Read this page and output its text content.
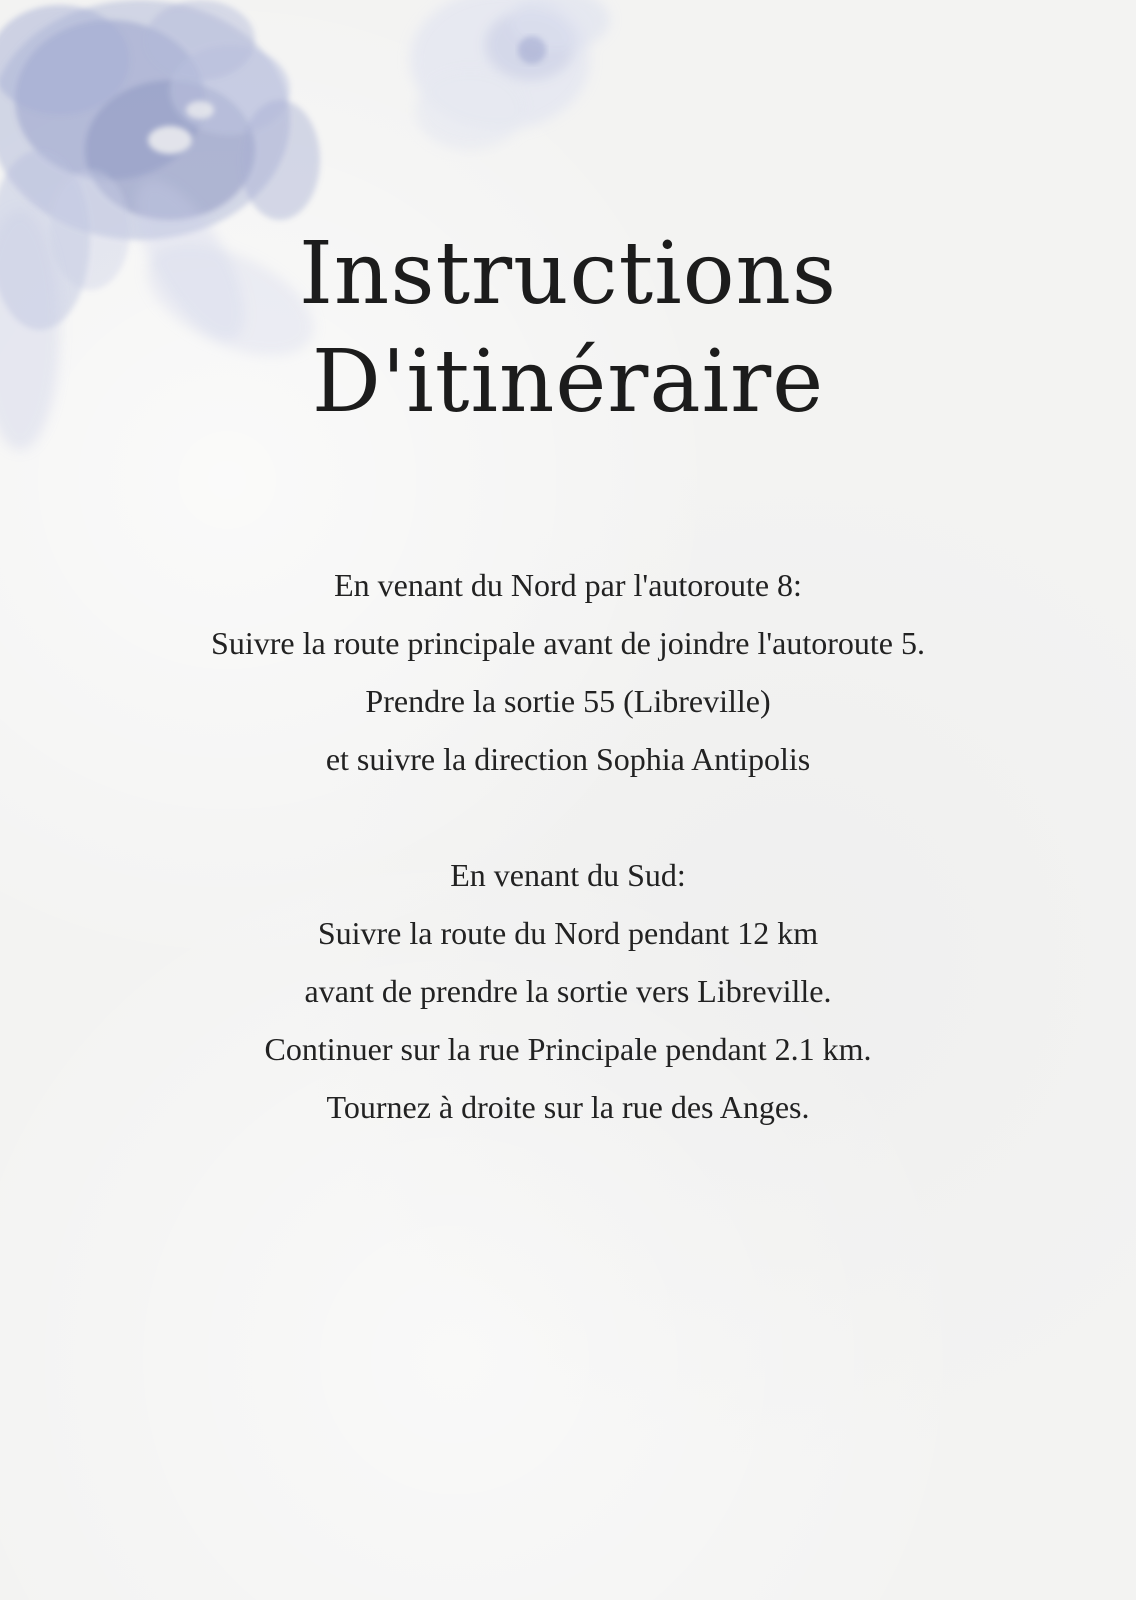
Instructions
D'itinéraire

En venant du Nord par l'autoroute 8:
Suivre la route principale avant de joindre l'autoroute 5.
Prendre la sortie 55 (Libreville)
et suivre la direction Sophia Antipolis

En venant du Sud:
Suivre la route du Nord pendant 12 km
avant de prendre la sortie vers Libreville.
Continuer sur la rue Principale pendant 2.1 km.
Tournez à droite sur la rue des Anges.
